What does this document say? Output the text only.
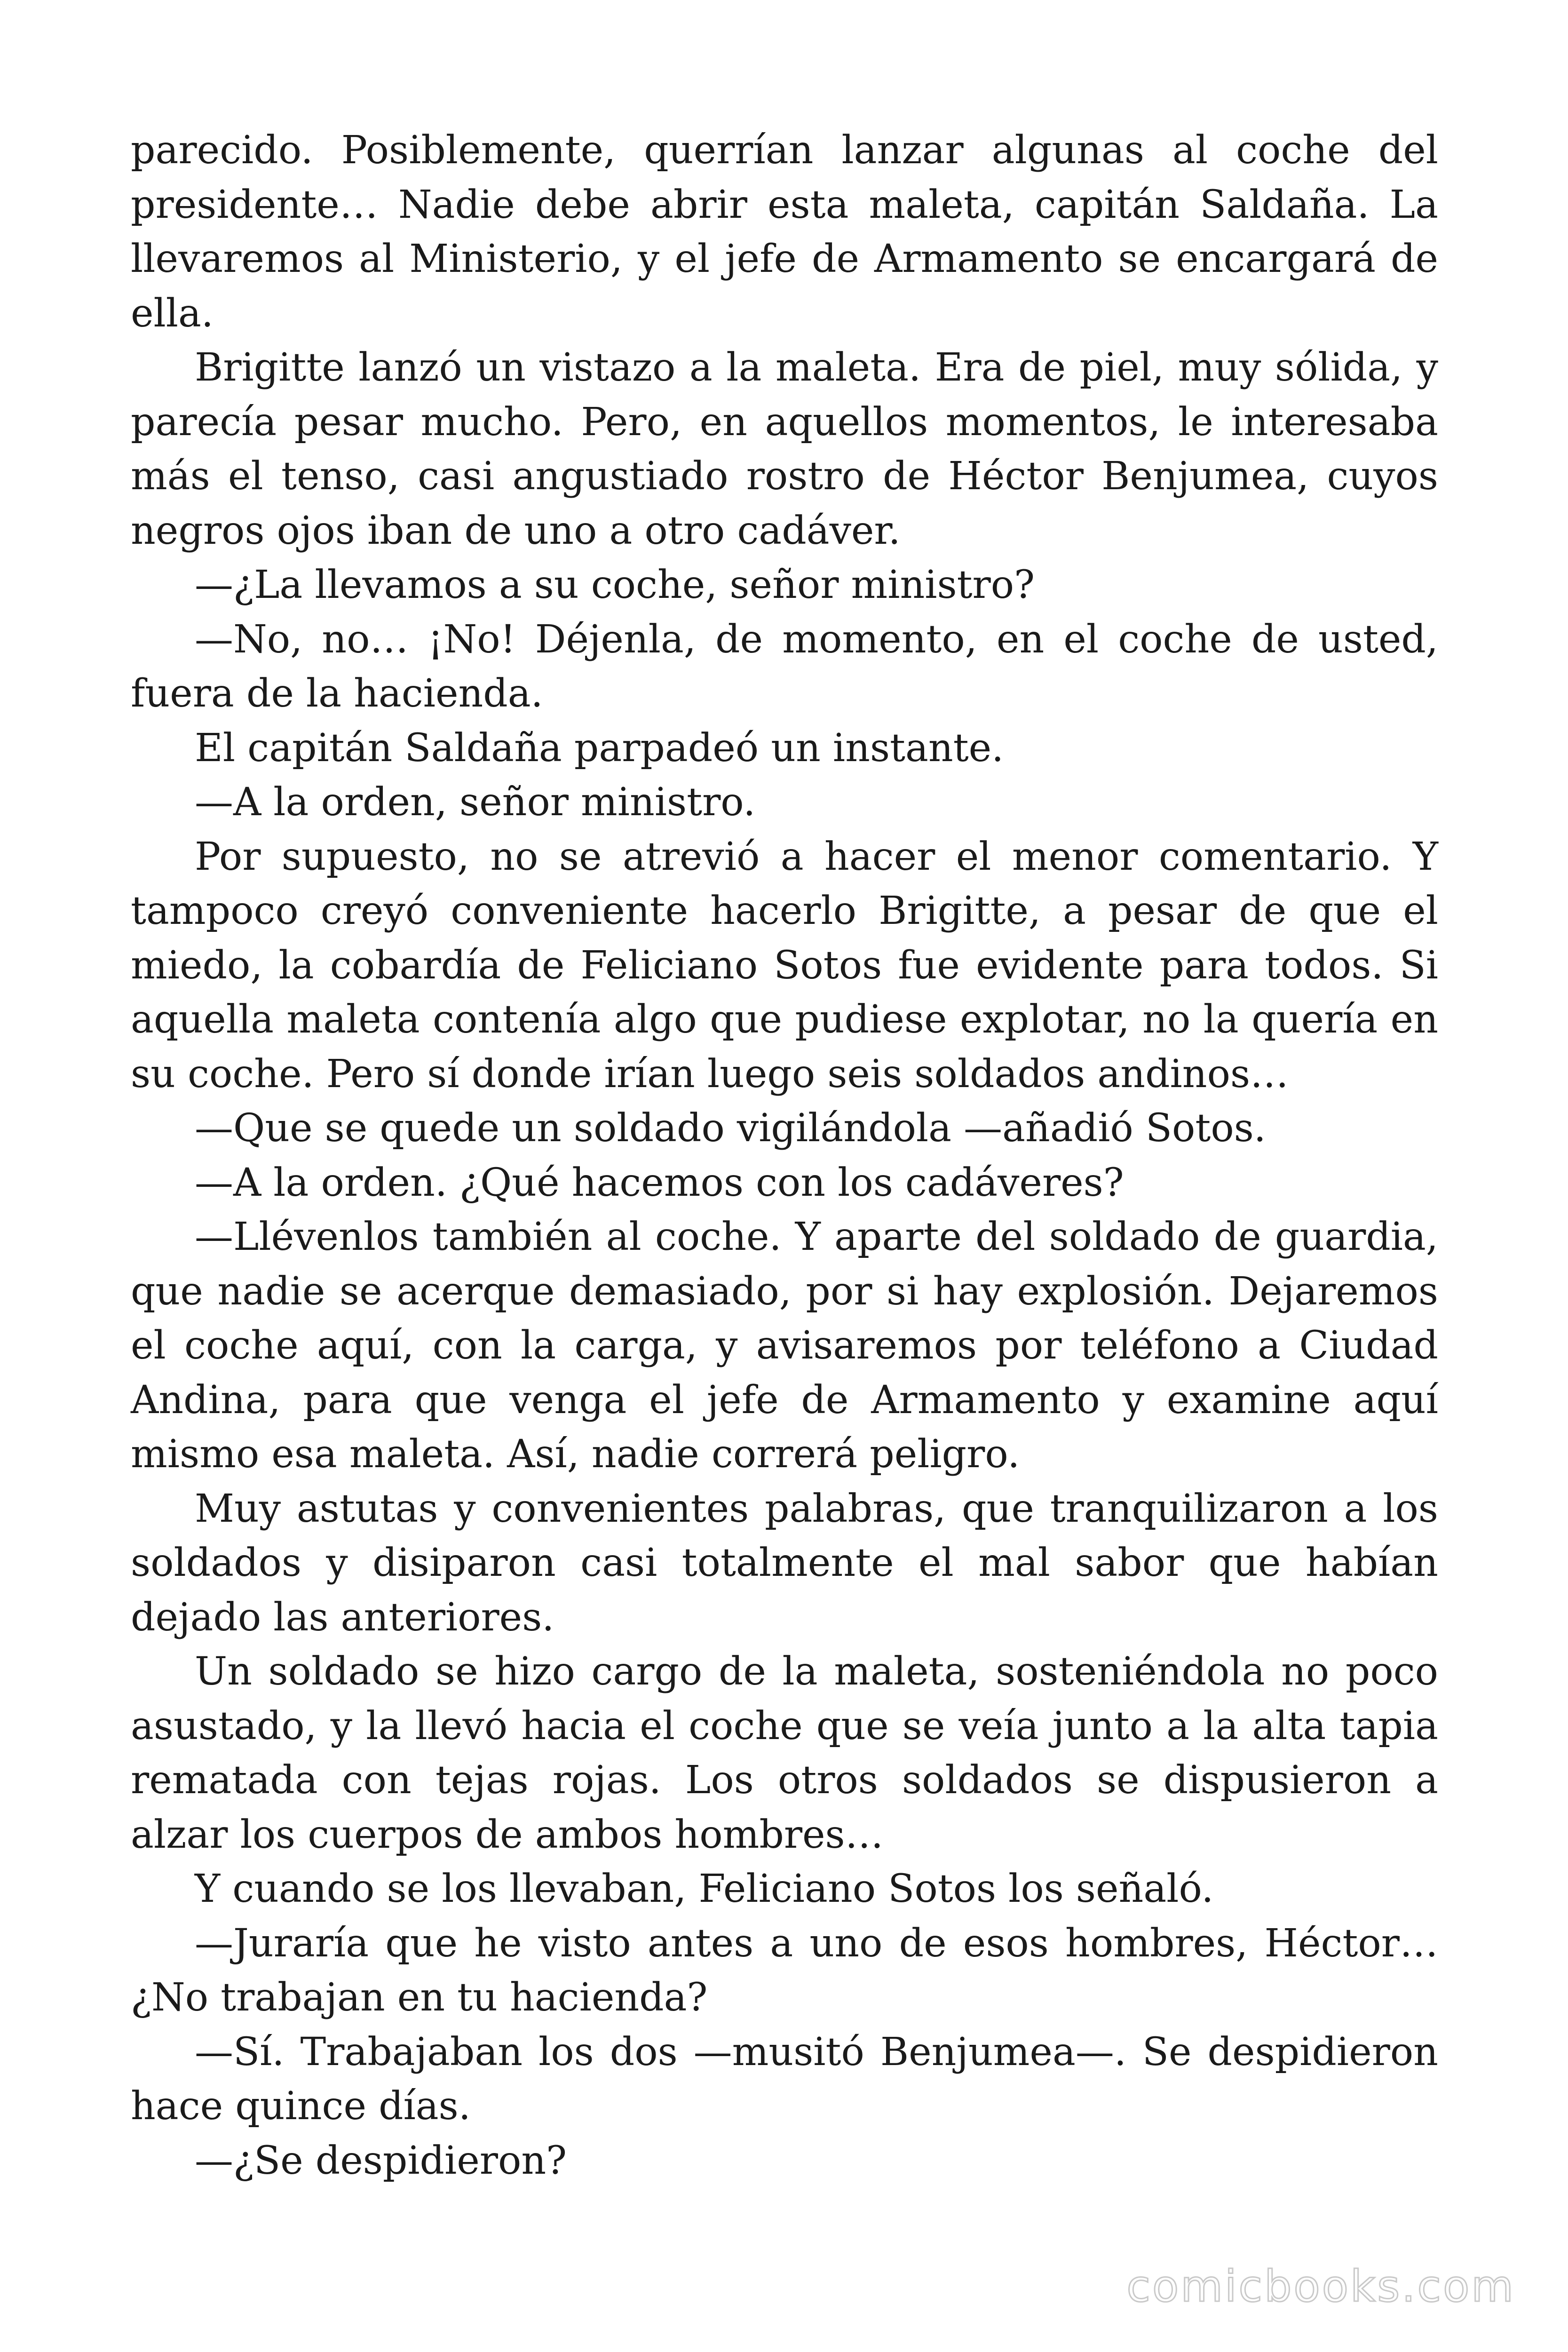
parecido. Posiblemente, querrían lanzar algunas al coche del presidente… Nadie debe abrir esta maleta, capitán Saldaña. La llevaremos al Ministerio, y el jefe de Armamento se encargará de ella.

Brigitte lanzó un vistazo a la maleta. Era de piel, muy sólida, y parecía pesar mucho. Pero, en aquellos momentos, le interesaba más el tenso, casi angustiado rostro de Héctor Benjumea, cuyos negros ojos iban de uno a otro cadáver.

—¿La llevamos a su coche, señor ministro?

—No, no… ¡No! Déjenla, de momento, en el coche de usted, fuera de la hacienda.

El capitán Saldaña parpadeó un instante.

—A la orden, señor ministro.

Por supuesto, no se atrevió a hacer el menor comentario. Y tampoco creyó conveniente hacerlo Brigitte, a pesar de que el miedo, la cobardía de Feliciano Sotos fue evidente para todos. Si aquella maleta contenía algo que pudiese explotar, no la quería en su coche. Pero sí donde irían luego seis soldados andinos…

—Que se quede un soldado vigilándola —añadió Sotos.

—A la orden. ¿Qué hacemos con los cadáveres?

—Llévenlos también al coche. Y aparte del soldado de guardia, que nadie se acerque demasiado, por si hay explosión. Dejaremos el coche aquí, con la carga, y avisaremos por teléfono a Ciudad Andina, para que venga el jefe de Armamento y examine aquí mismo esa maleta. Así, nadie correrá peligro.

Muy astutas y convenientes palabras, que tranquilizaron a los soldados y disiparon casi totalmente el mal sabor que habían dejado las anteriores.

Un soldado se hizo cargo de la maleta, sosteniéndola no poco asustado, y la llevó hacia el coche que se veía junto a la alta tapia rematada con tejas rojas. Los otros soldados se dispusieron a alzar los cuerpos de ambos hombres…

Y cuando se los llevaban, Feliciano Sotos los señaló.

—Juraría que he visto antes a uno de esos hombres, Héctor… ¿No trabajan en tu hacienda?

—Sí. Trabajaban los dos —musitó Benjumea—. Se despidieron hace quince días.

—¿Se despidieron?

comicbooks.com
